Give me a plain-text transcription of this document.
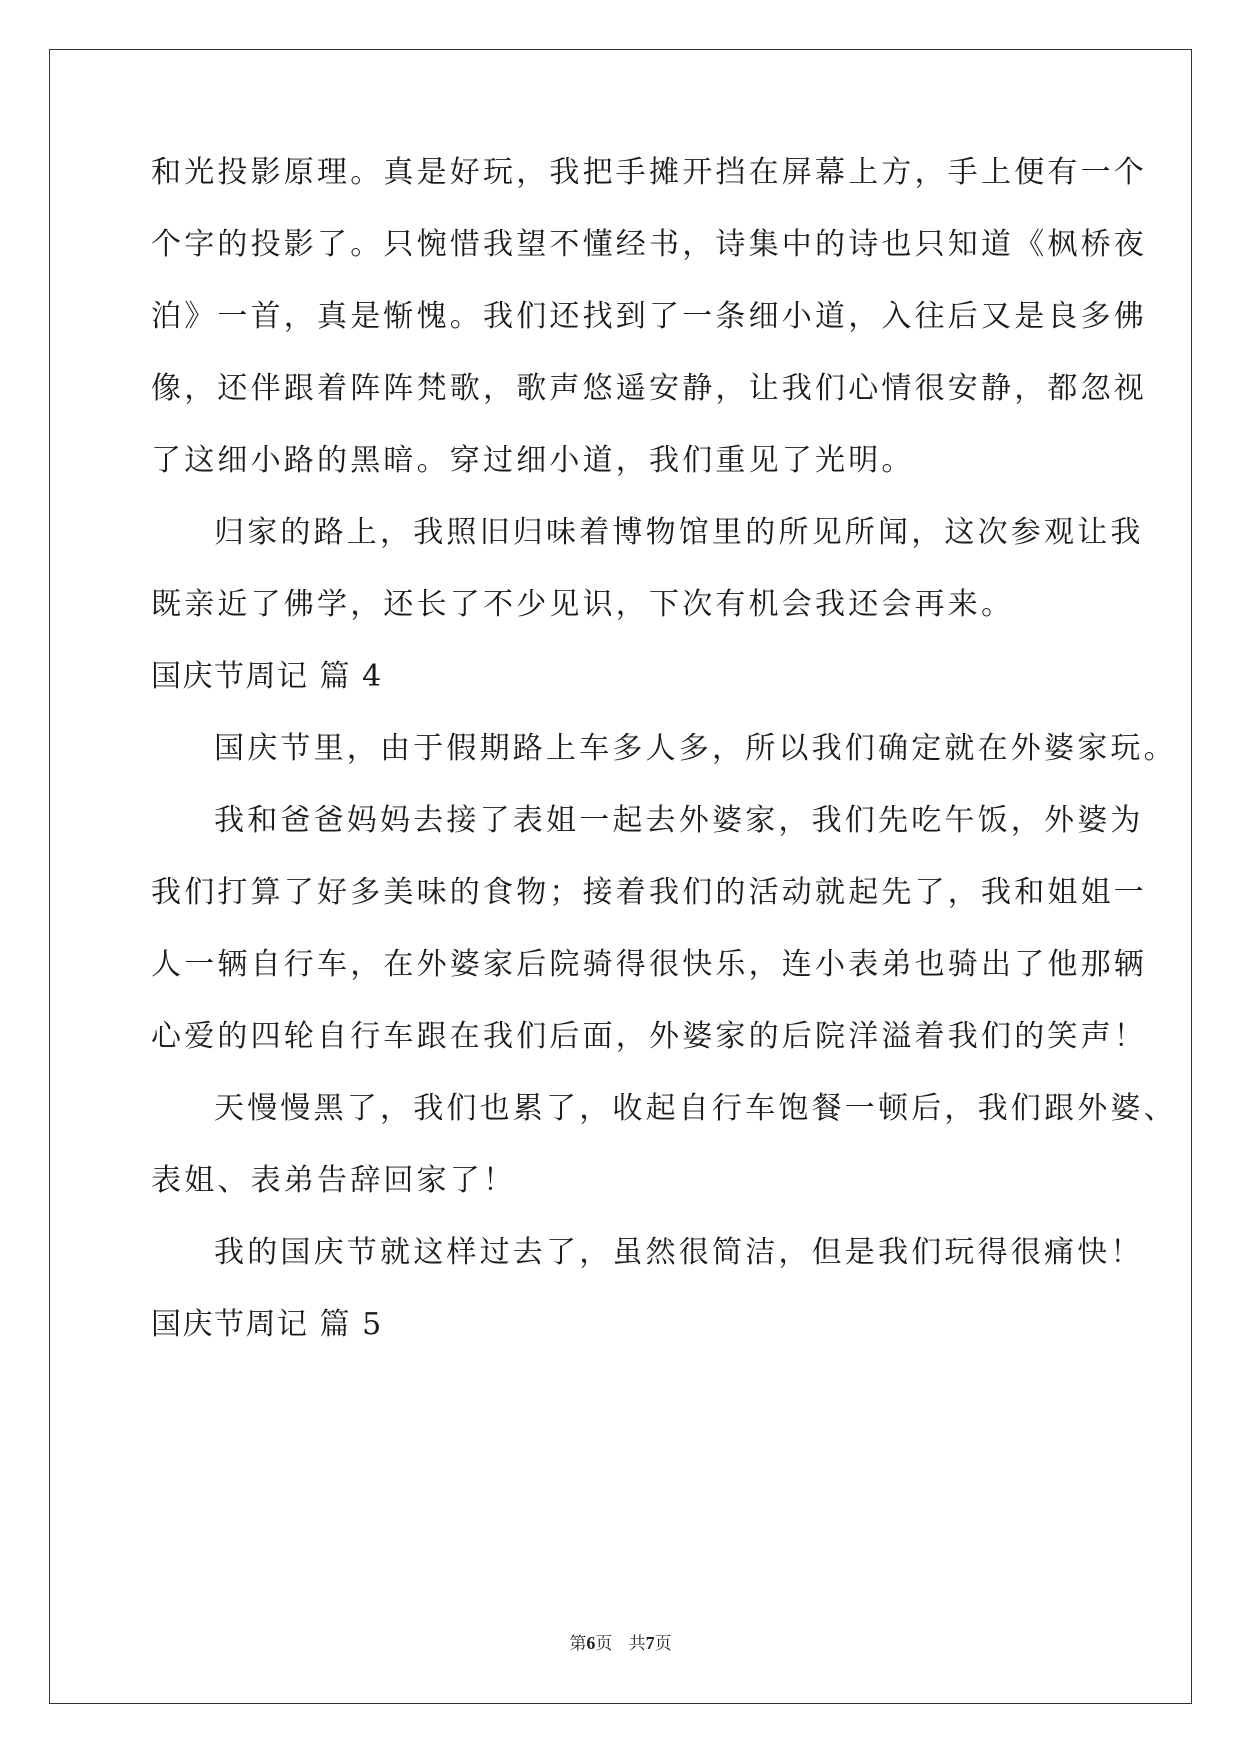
和光投影原理。真是好玩，我把手摊开挡在屏幕上方，手上便有一个
个字的投影了。只惋惜我望不懂经书，诗集中的诗也只知道《枫桥夜
泊》一首，真是惭愧。我们还找到了一条细小道，入往后又是良多佛
像，还伴跟着阵阵梵歌，歌声悠遥安静，让我们心情很安静，都忽视
了这细小路的黑暗。穿过细小道，我们重见了光明。
归家的路上，我照旧归味着博物馆里的所见所闻，这次参观让我
既亲近了佛学，还长了不少见识，下次有机会我还会再来。
国庆节周记 篇 4
国庆节里，由于假期路上车多人多，所以我们确定就在外婆家玩。
我和爸爸妈妈去接了表姐一起去外婆家，我们先吃午饭，外婆为
我们打算了好多美味的食物；接着我们的活动就起先了，我和姐姐一
人一辆自行车，在外婆家后院骑得很快乐，连小表弟也骑出了他那辆
心爱的四轮自行车跟在我们后面，外婆家的后院洋溢着我们的笑声！
天慢慢黑了，我们也累了，收起自行车饱餐一顿后，我们跟外婆、
表姐、表弟告辞回家了！
我的国庆节就这样过去了，虽然很简洁，但是我们玩得很痛快！
国庆节周记 篇 5
第6页 共7页
